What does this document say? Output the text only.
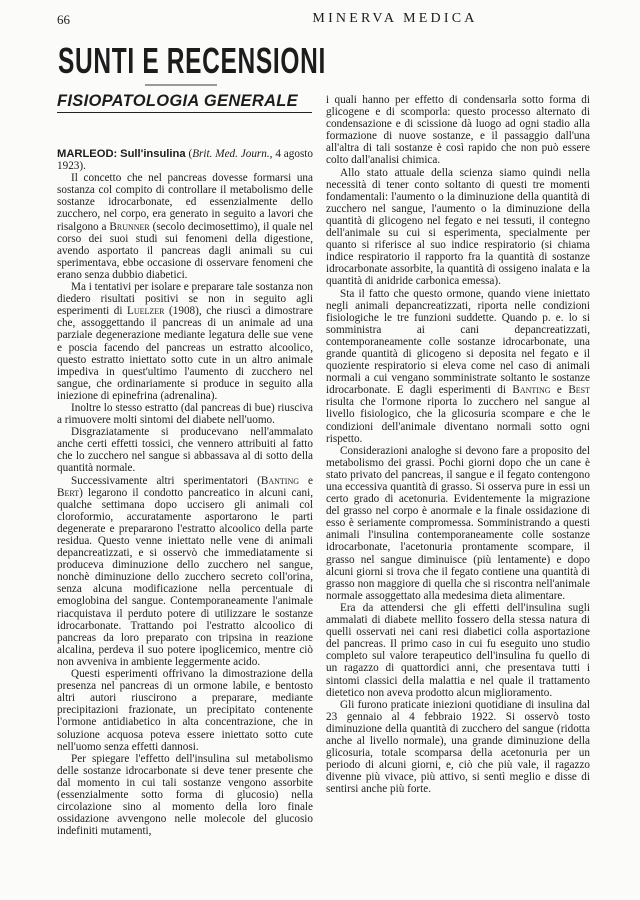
66	MINERVA MEDICA
SUNTI E RECENSIONI
FISIOPATOLOGIA GENERALE

MARLEOD: Sull'insulina (Brit. Med. Journ., 4 agosto 1923).

Il concetto che nel pancreas dovesse formarsi una sostanza col compito di controllare il metabolismo delle sostanze idrocarbonate, ed essenzialmente dello zucchero, nel corpo, era generato in seguito a lavori che risalgono a Brunner (secolo decimosettimo), il quale nel corso dei suoi studi sui fenomeni della digestione, avendo asportato il pancreas dagli animali su cui sperimentava, ebbe occasione di osservare fenomeni che erano senza dubbio diabetici.

Ma i tentativi per isolare e preparare tale sostanza non diedero risultati positivi se non in seguito agli esperimenti di Luelzer (1908), che riuscì a dimostrare che, assoggettando il pancreas di un animale ad una parziale degenerazione mediante legatura delle sue vene e poscia facendo del pancreas un estratto alcoolico, questo estratto iniettato sotto cute in un altro animale impediva in quest'ultimo l'aumento di zucchero nel sangue, che ordinariamente si produce in seguito alla iniezione di epinefrina (adrenalina).

Inoltre lo stesso estratto (dal pancreas di bue) riusciva a rimuovere molti sintomi del diabete nell'uomo.

Disgraziatamente si producevano nell'ammalato anche certi effetti tossici, che vennero attribuiti al fatto che lo zucchero nel sangue si abbassava al di sotto della quantità normale.

Successivamente altri sperimentatori (Banting e Bert) legarono il condotto pancreatico in alcuni cani, qualche settimana dopo uccisero gli animali col cloroformio, accuratamente asportarono le parti degenerate e prepararono l'estratto alcoolico della parte residua. Questo venne iniettato nelle vene di animali depancreatizzati, e si osservò che immediatamente si produceva diminuzione dello zucchero nel sangue, nonchè diminuzione dello zucchero secreto coll'orina, senza alcuna modificazione nella percentuale di emoglobina del sangue. Contemporaneamente l'animale riacquistava il perduto potere di utilizzare le sostanze idrocarbonate. Trattando poi l'estratto alcoolico di pancreas da loro preparato con tripsina in reazione alcalina, perdeva il suo potere ipoglicemico, mentre ciò non avveniva in ambiente leggermente acido.

Questi esperimenti offrivano la dimostrazione della presenza nel pancreas di un ormone labile, e bentosto altri autori riuscirono a preparare, mediante precipitazioni frazionate, un precipitato contenente l'ormone antidiabetico in alta concentrazione, che in soluzione acquosa poteva essere iniettato sotto cute nell'uomo senza effetti dannosi.

Per spiegare l'effetto dell'insulina sul metabolismo delle sostanze idrocarbonate si deve tener presente che dal momento in cui tali sostanze vengono assorbite (essenzialmente sotto forma di glucosio) nella circolazione sino al momento della loro finale ossidazione avvengono nelle molecole del glucosio indefiniti mutamenti,

i quali hanno per effetto di condensarla sotto forma di glicogene e di scomporla: questo processo alternato di condensazione e di scissione dà luogo ad ogni stadio alla formazione di nuove sostanze, e il passaggio dall'una all'altra di tali sostanze è così rapido che non può essere colto dall'analisi chimica.

Allo stato attuale della scienza siamo quindi nella necessità di tener conto soltanto di questi tre momenti fondamentali: l'aumento o la diminuzione della quantità di zucchero nel sangue, l'aumento o la diminuzione della quantità di glicogeno nel fegato e nei tessuti, il contegno dell'animale su cui si esperimenta, specialmente per quanto si riferisce al suo indice respiratorio (si chiama indice respiratorio il rapporto fra la quantità di sostanze idrocarbonate assorbite, la quantità di ossigeno inalata e la quantità di anidride carbonica emessa).

Sta il fatto che questo ormone, quando viene iniettato negli animali depancreatizzati, riporta nelle condizioni fisiologiche le tre funzioni suddette. Quando p. e. lo si somministra ai cani depancreatizzati, contemporaneamente colle sostanze idrocarbonate, una grande quantità di glicogeno si deposita nel fegato e il quoziente respiratorio si eleva come nel caso di animali normali a cui vengano somministrate soltanto le sostanze idrocarbonate. E dagli esperimenti di Banting e Best risulta che l'ormone riporta lo zucchero nel sangue al livello fisiologico, che la glicosuria scompare e che le condizioni dell'animale diventano normali sotto ogni rispetto.

Considerazioni analoghe si devono fare a proposito del metabolismo dei grassi. Pochi giorni dopo che un cane è stato privato del pancreas, il sangue e il fegato contengono una eccessiva quantità di grasso. Si osserva pure in essi un certo grado di acetonuria. Evidentemente la migrazione del grasso nel corpo è anormale e la finale ossidazione di esso è seriamente compromessa. Somministrando a questi animali l'insulina contemporaneamente colle sostanze idrocarbonate, l'acetonuria prontamente scompare, il grasso nel sangue diminuisce (più lentamente) e dopo alcuni giorni si trova che il fegato contiene una quantità di grasso non maggiore di quella che si riscontra nell'animale normale assoggettato alla medesima dieta alimentare.

Era da attendersi che gli effetti dell'insulina sugli ammalati di diabete mellito fossero della stessa natura di quelli osservati nei cani resi diabetici colla asportazione del pancreas. Il primo caso in cui fu eseguito uno studio completo sul valore terapeutico dell'insulina fu quello di un ragazzo di quattordici anni, che presentava tutti i sintomi classici della malattia e nel quale il trattamento dietetico non aveva prodotto alcun miglioramento.

Gli furono praticate iniezioni quotidiane di insulina dal 23 gennaio al 4 febbraio 1922. Si osservò tosto diminuzione della quantità di zucchero del sangue (ridotta anche al livello normale), una grande diminuzione della glicosuria, totale scomparsa della acetonuria per un periodo di alcuni giorni, e, ciò che più vale, il ragazzo divenne più vivace, più attivo, si sentì meglio e disse di sentirsi anche più forte.
